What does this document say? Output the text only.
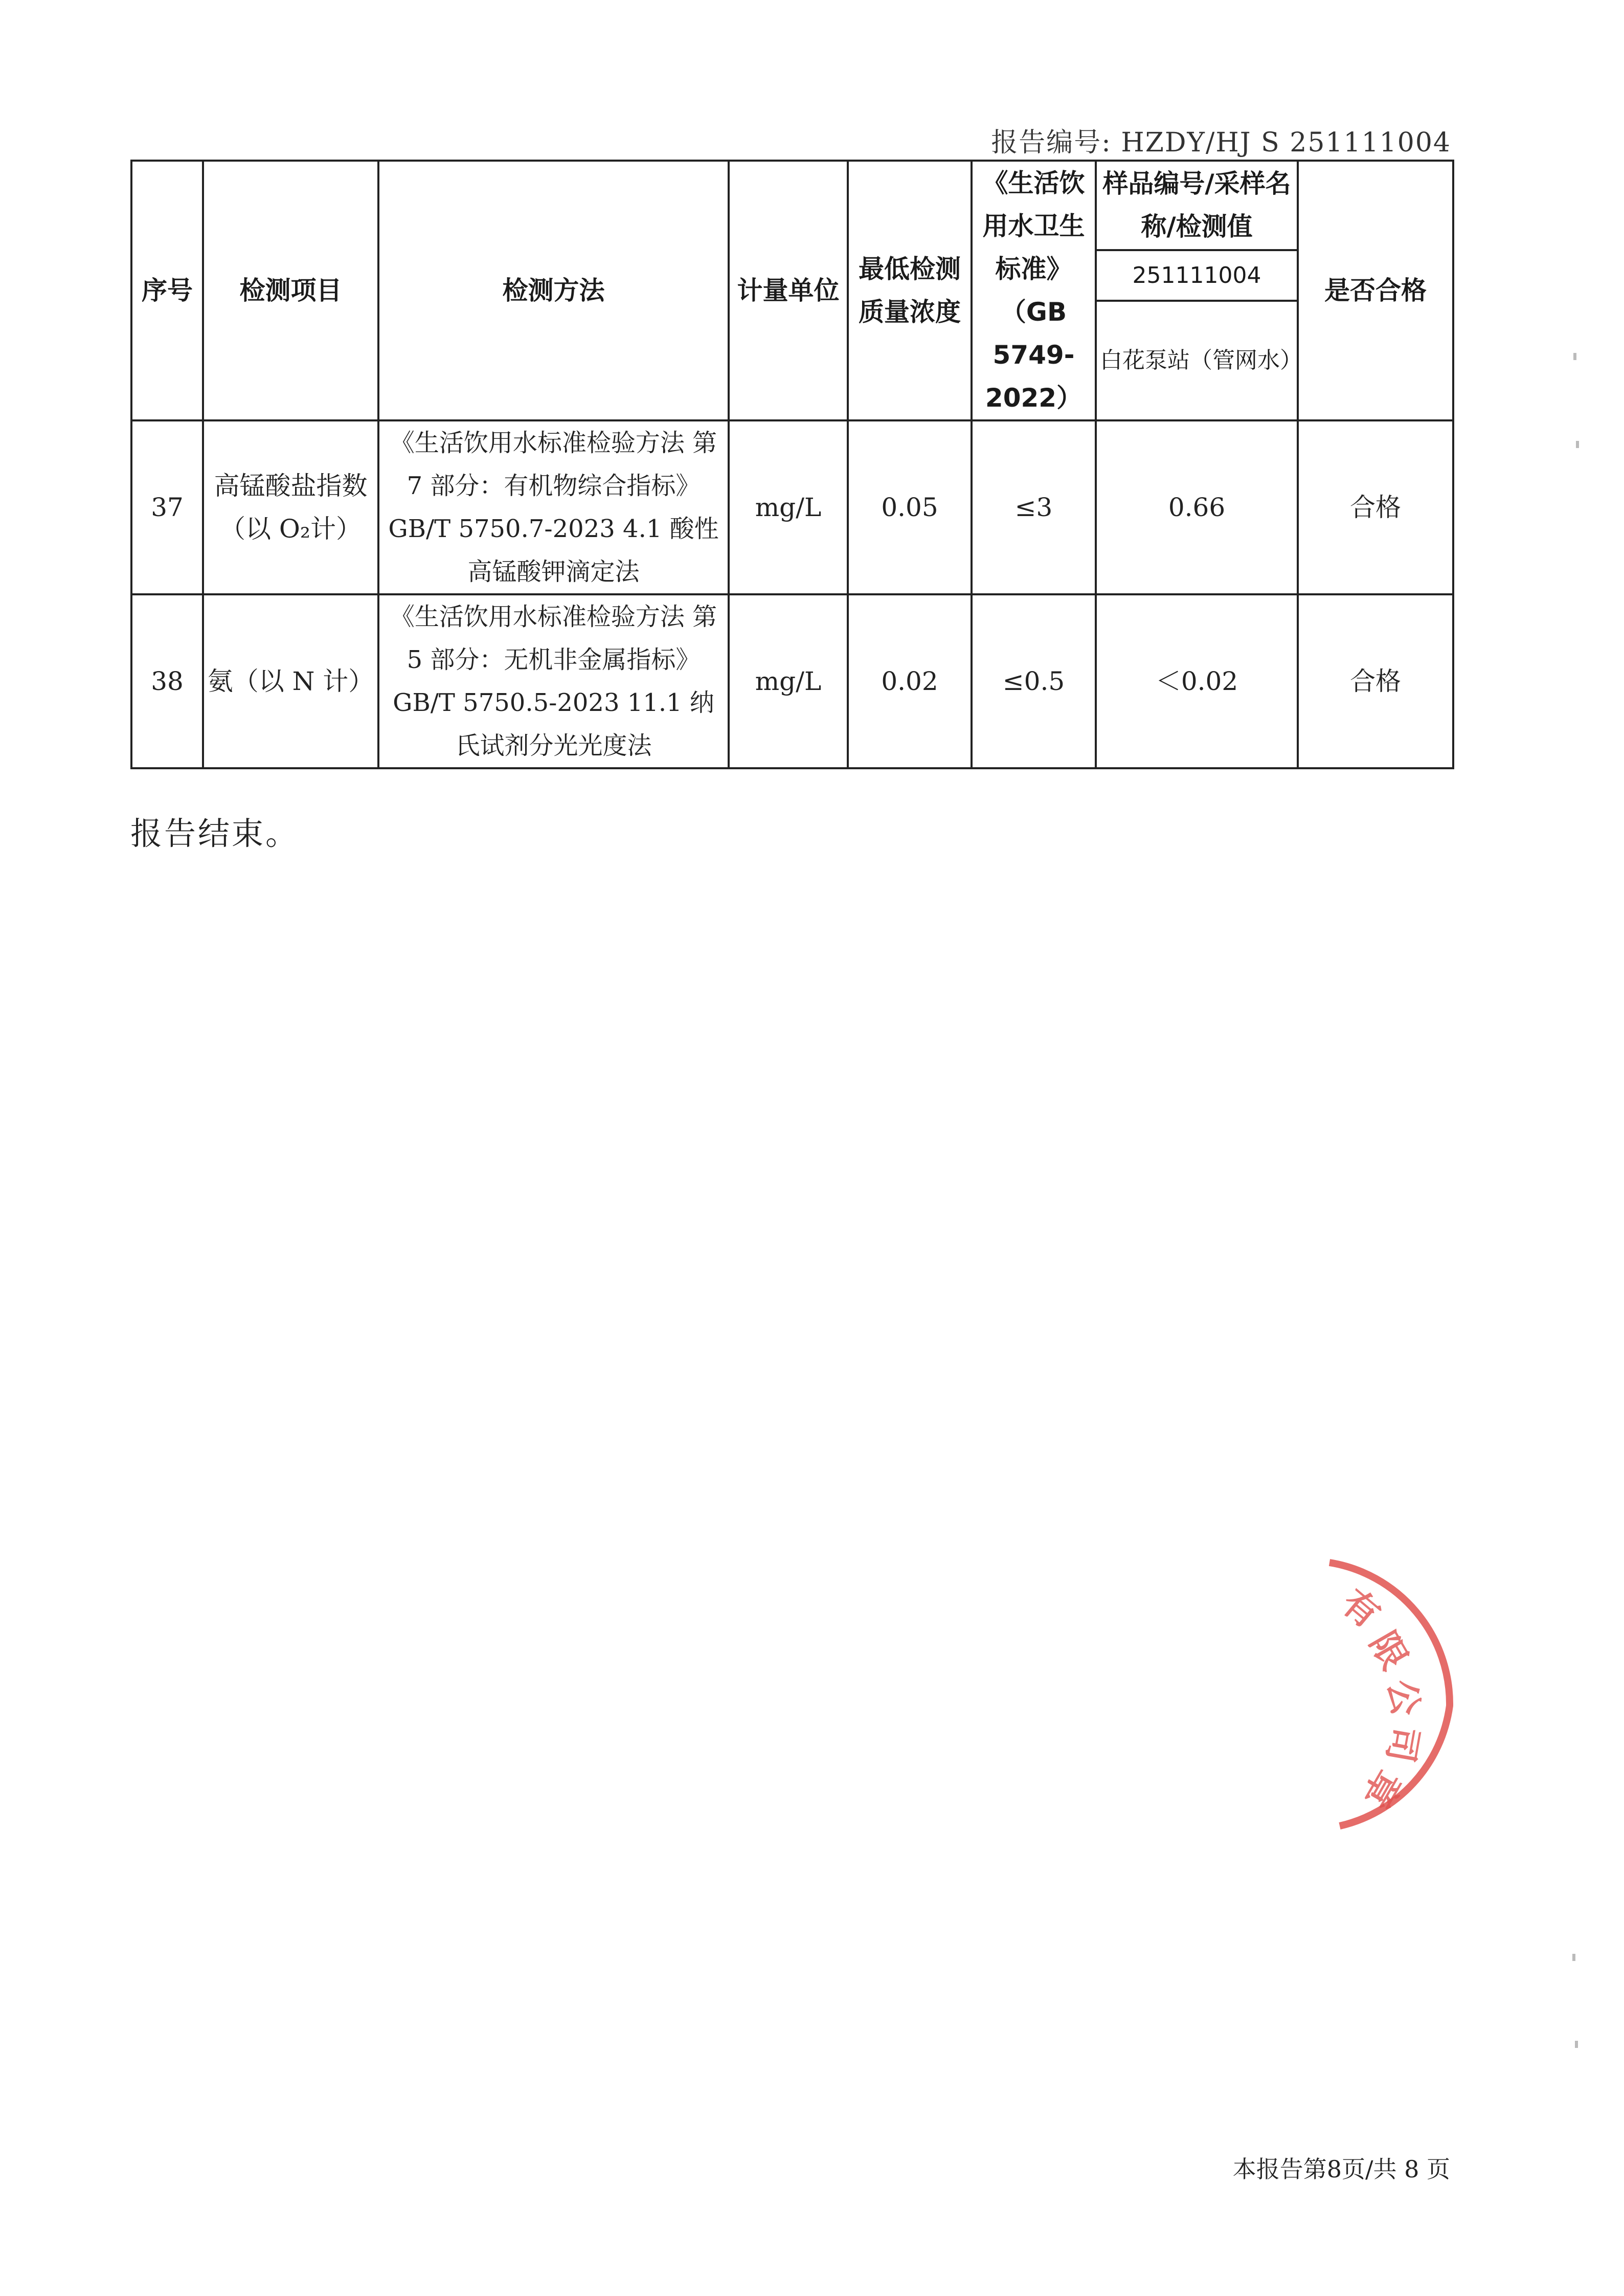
报告编号: HZDY/HJ S 251111004
序号	检测项目	检测方法	计量单位	最低检测质量浓度	《生活饮用水卫生标准》（GB 5749-2022）	样品编号/采样名称/检测值	是否合格
						251111004	
						白花泵站（管网水）	
37	高锰酸盐指数（以 O₂计）	《生活饮用水标准检验方法 第 7 部分：有机物综合指标》GB/T 5750.7-2023 4.1 酸性高锰酸钾滴定法	mg/L	0.05	≤3	0.66	合格
38	氨（以 N 计）	《生活饮用水标准检验方法 第 5 部分：无机非金属指标》GB/T 5750.5-2023 11.1 纳氏试剂分光光度法	mg/L	0.02	≤0.5	＜0.02	合格
报告结束。
有
限
公
司
章
本报告第8页/共 8 页
